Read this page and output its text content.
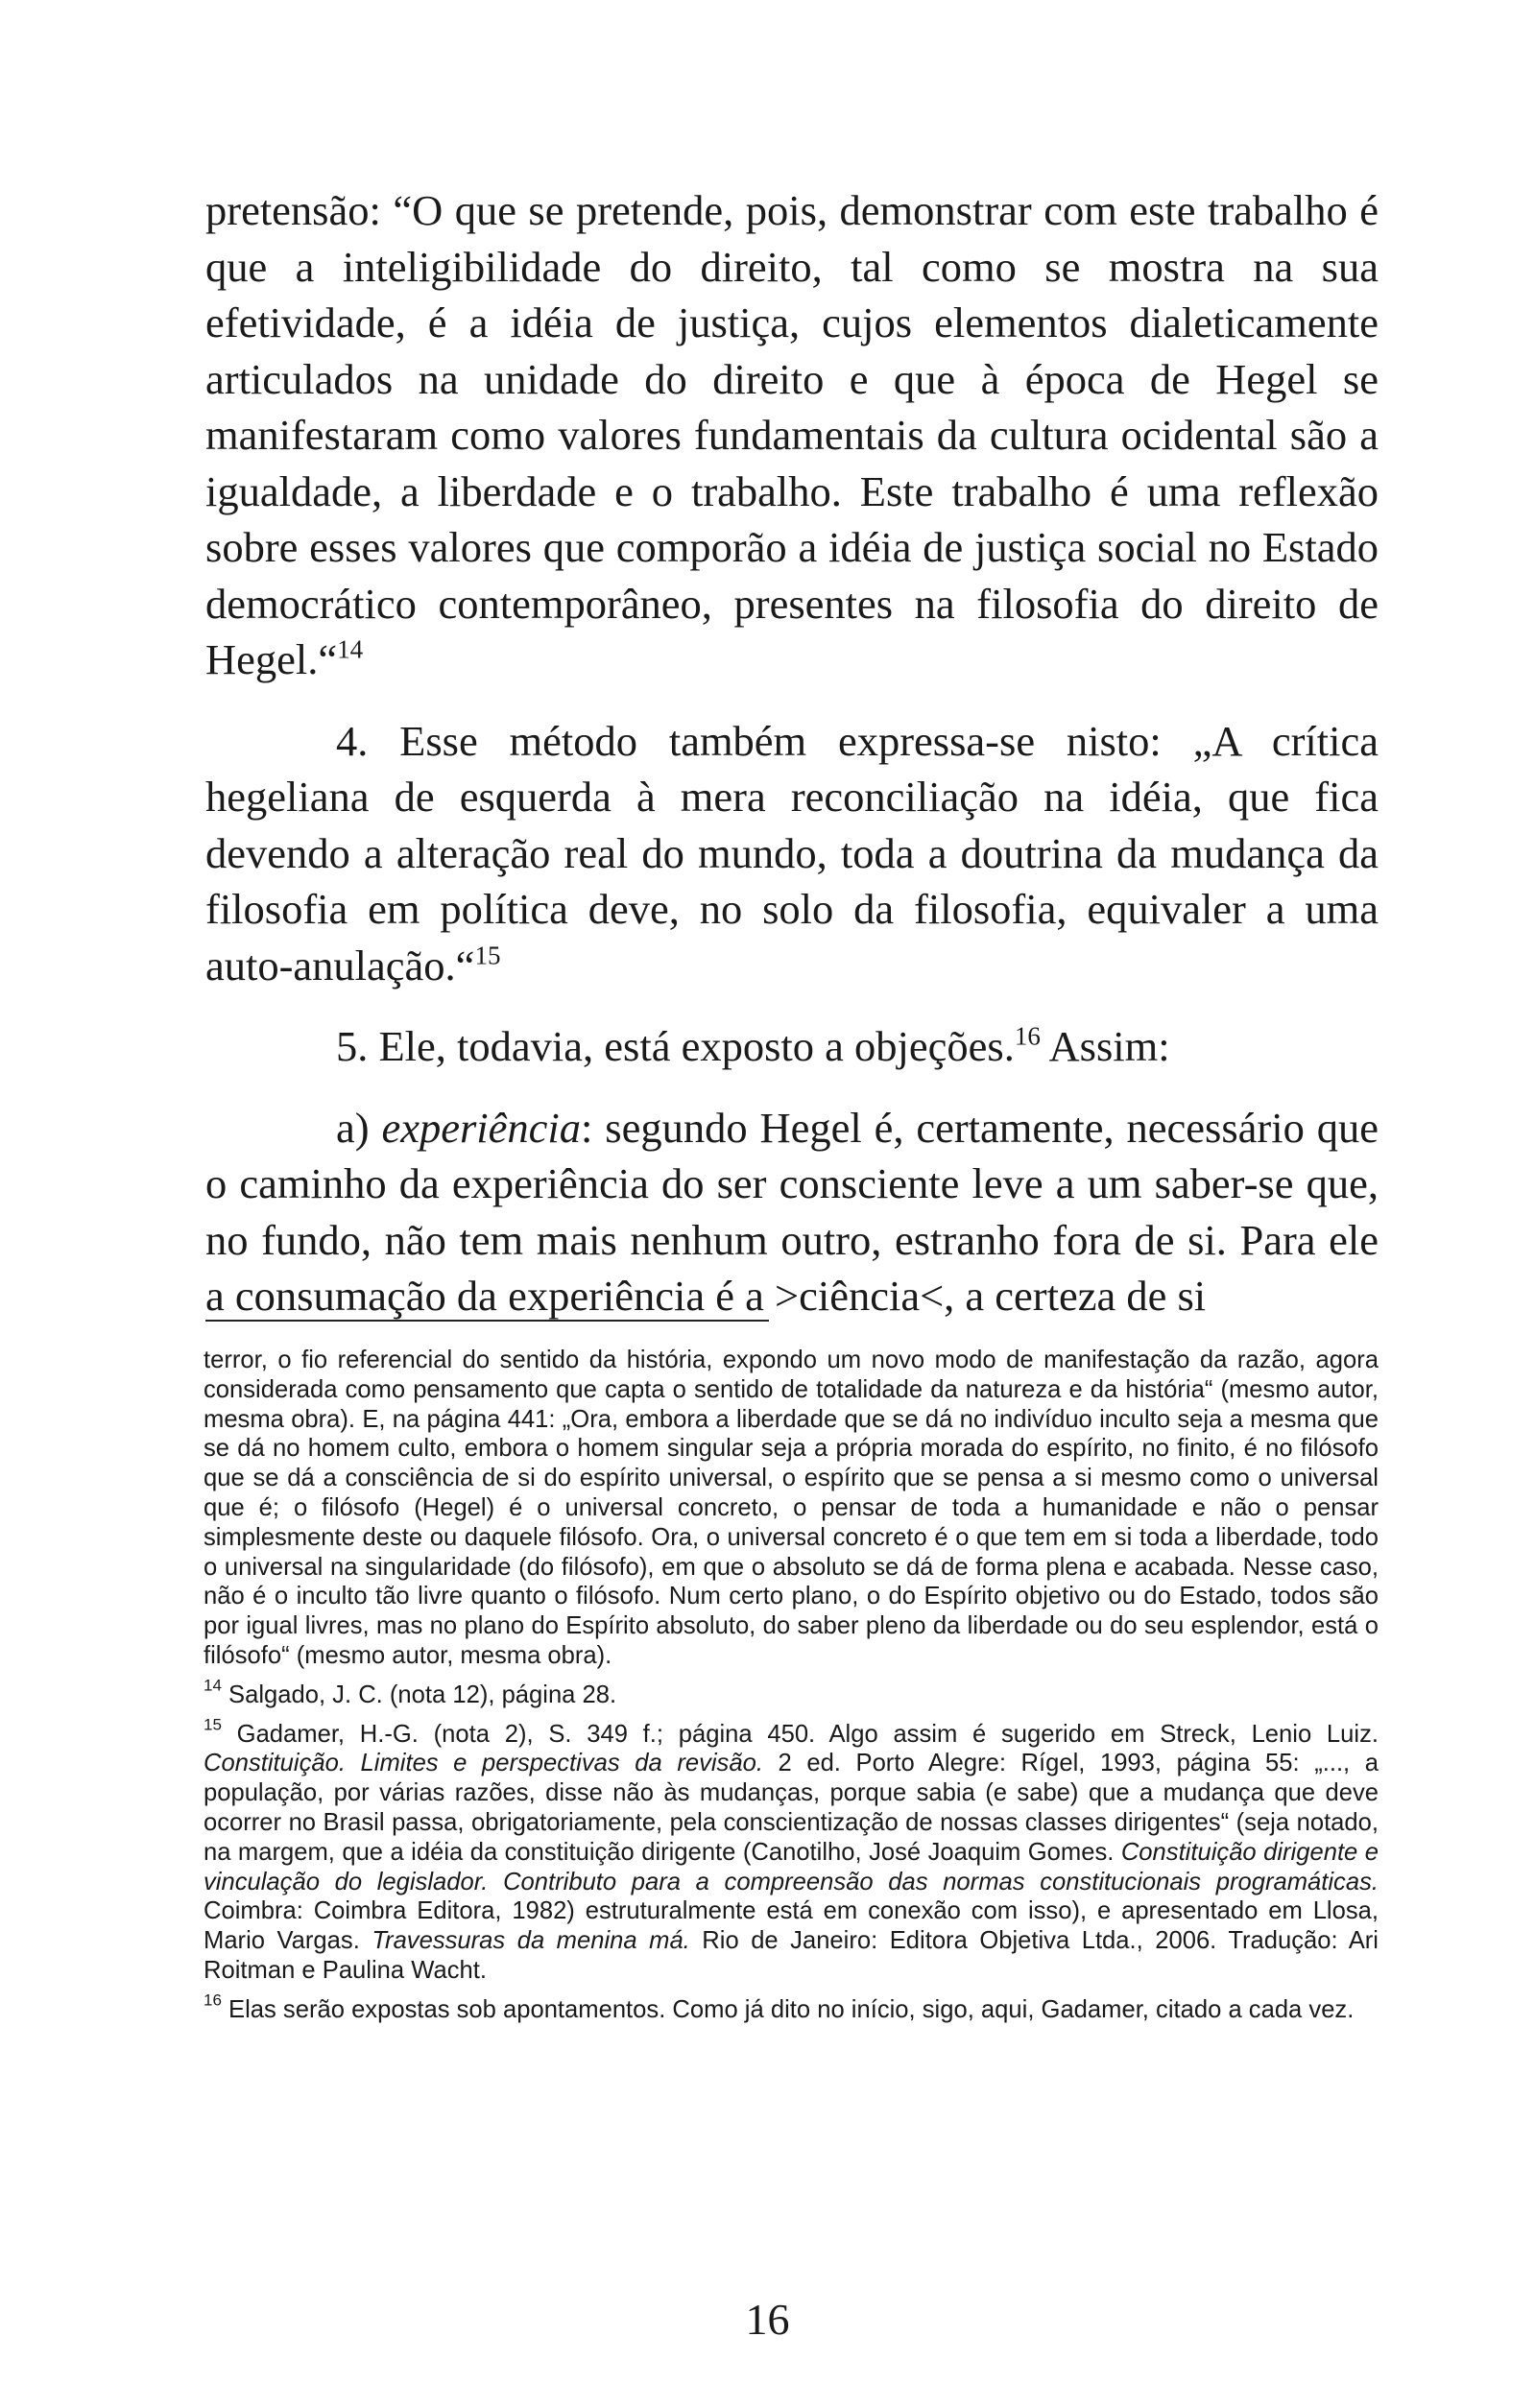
pretensão: “O que se pretende, pois, demonstrar com este trabalho é que a inteligibilidade do direito, tal como se mostra na sua efetividade, é a idéia de justiça, cujos elementos dialeticamente articulados na unidade do direito e que à época de Hegel se manifestaram como valores fundamentais da cultura ocidental são a igualdade, a liberdade e o trabalho. Este trabalho é uma reflexão sobre esses valores que comporão a idéia de justiça social no Estado democrático contemporâneo, presentes na filosofia do direito de Hegel.“$^{14}$

4. Esse método também expressa-se nisto: „A crítica hegeliana de esquerda à mera reconciliação na idéia, que fica devendo a alteração real do mundo, toda a doutrina da mudança da filosofia em política deve, no solo da filosofia, equivaler a uma auto-anulação.“$^{15}$

5. Ele, todavia, está exposto a objeções.$^{16}$ Assim:

a) experiência: segundo Hegel é, certamente, necessário que o caminho da experiência do ser consciente leve a um saber-se que, no fundo, não tem mais nenhum outro, estranho fora de si. Para ele a consumação da experiência é a >ciência<, a certeza de si

terror, o fio referencial do sentido da história, expondo um novo modo de manifestação da razão, agora considerada como pensamento que capta o sentido de totalidade da natureza e da história“ (mesmo autor, mesma obra). E, na página 441: „Ora, embora a liberdade que se dá no indivíduo inculto seja a mesma que se dá no homem culto, embora o homem singular seja a própria morada do espírito, no finito, é no filósofo que se dá a consciência de si do espírito universal, o espírito que se pensa a si mesmo como o universal que é; o filósofo (Hegel) é o universal concreto, o pensar de toda a humanidade e não o pensar simplesmente deste ou daquele filósofo. Ora, o universal concreto é o que tem em si toda a liberdade, todo o universal na singularidade (do filósofo), em que o absoluto se dá de forma plena e acabada. Nesse caso, não é o inculto tão livre quanto o filósofo. Num certo plano, o do Espírito objetivo ou do Estado, todos são por igual livres, mas no plano do Espírito absoluto, do saber pleno da liberdade ou do seu esplendor, está o filósofo“ (mesmo autor, mesma obra).

$^{14}$ Salgado, J. C. (nota 12), página 28.

$^{15}$ Gadamer, H.-G. (nota 2), S. 349 f.; página 450. Algo assim é sugerido em Streck, Lenio Luiz. Constituição. Limites e perspectivas da revisão. 2 ed. Porto Alegre: Rígel, 1993, página 55: „..., a população, por várias razões, disse não às mudanças, porque sabia (e sabe) que a mudança que deve ocorrer no Brasil passa, obrigatoriamente, pela conscientização de nossas classes dirigentes“ (seja notado, na margem, que a idéia da constituição dirigente (Canotilho, José Joaquim Gomes. Constituição dirigente e vinculação do legislador. Contributo para a compreensão das normas constitucionais programáticas. Coimbra: Coimbra Editora, 1982) estruturalmente está em conexão com isso), e apresentado em Llosa, Mario Vargas. Travessuras da menina má. Rio de Janeiro: Editora Objetiva Ltda., 2006. Tradução: Ari Roitman e Paulina Wacht.

$^{16}$ Elas serão expostas sob apontamentos. Como já dito no início, sigo, aqui, Gadamer, citado a cada vez.

16
